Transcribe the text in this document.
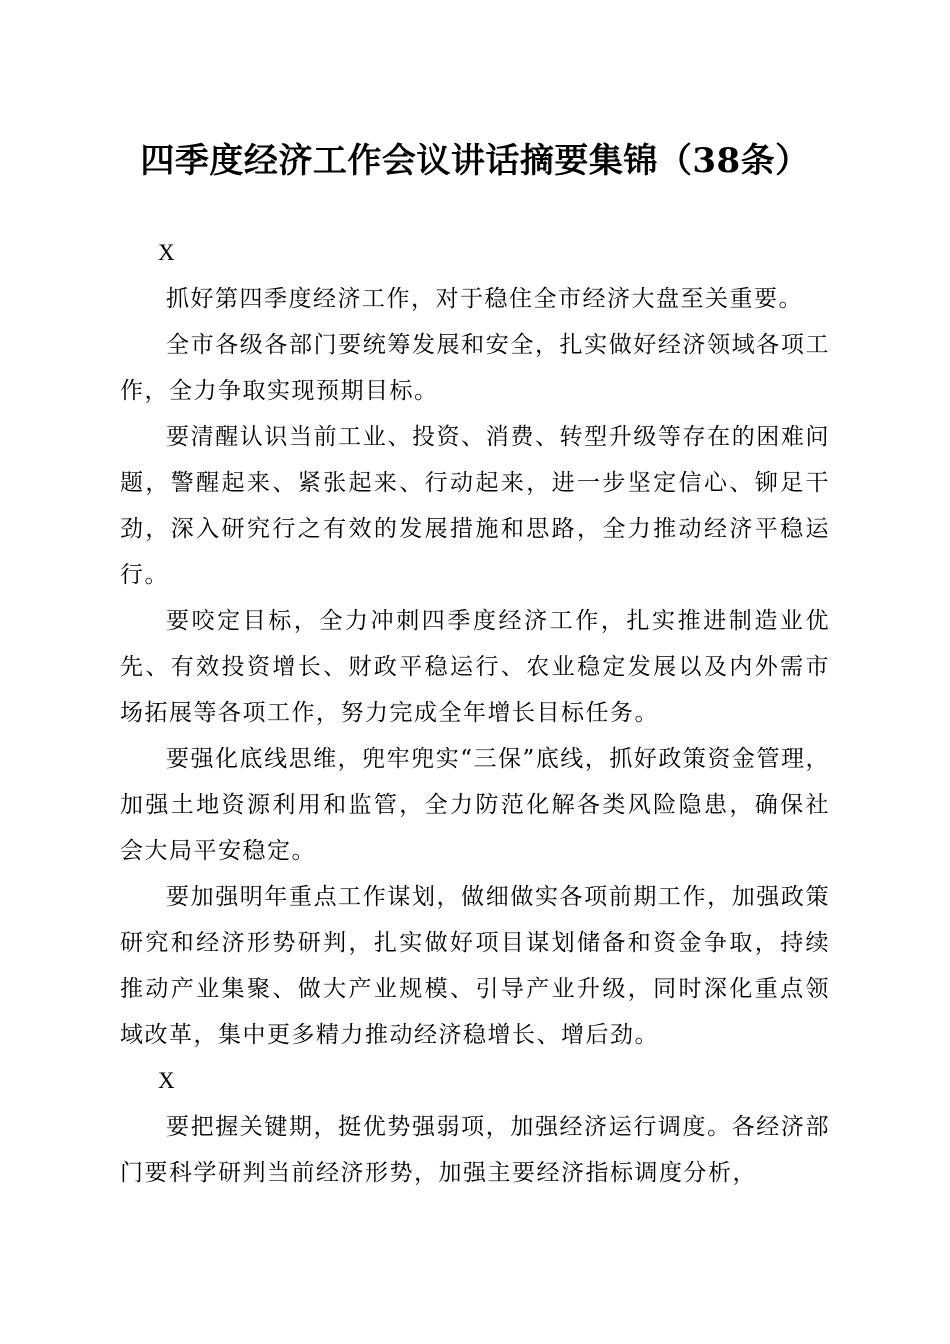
四季度经济工作会议讲话摘要集锦（38条）

X

抓好第四季度经济工作，对于稳住全市经济大盘至关重要。

全市各级各部门要统筹发展和安全，扎实做好经济领域各项工作，全力争取实现预期目标。

要清醒认识当前工业、投资、消费、转型升级等存在的困难问题，警醒起来、紧张起来、行动起来，进一步坚定信心、铆足干劲，深入研究行之有效的发展措施和思路，全力推动经济平稳运行。

要咬定目标，全力冲刺四季度经济工作，扎实推进制造业优先、有效投资增长、财政平稳运行、农业稳定发展以及内外需市场拓展等各项工作，努力完成全年增长目标任务。

要强化底线思维，兜牢兜实“三保”底线，抓好政策资金管理，加强土地资源利用和监管，全力防范化解各类风险隐患，确保社会大局平安稳定。

要加强明年重点工作谋划，做细做实各项前期工作，加强政策研究和经济形势研判，扎实做好项目谋划储备和资金争取，持续推动产业集聚、做大产业规模、引导产业升级，同时深化重点领域改革，集中更多精力推动经济稳增长、增后劲。

X

要把握关键期，挺优势强弱项，加强经济运行调度。各经济部门要科学研判当前经济形势，加强主要经济指标调度分析，
